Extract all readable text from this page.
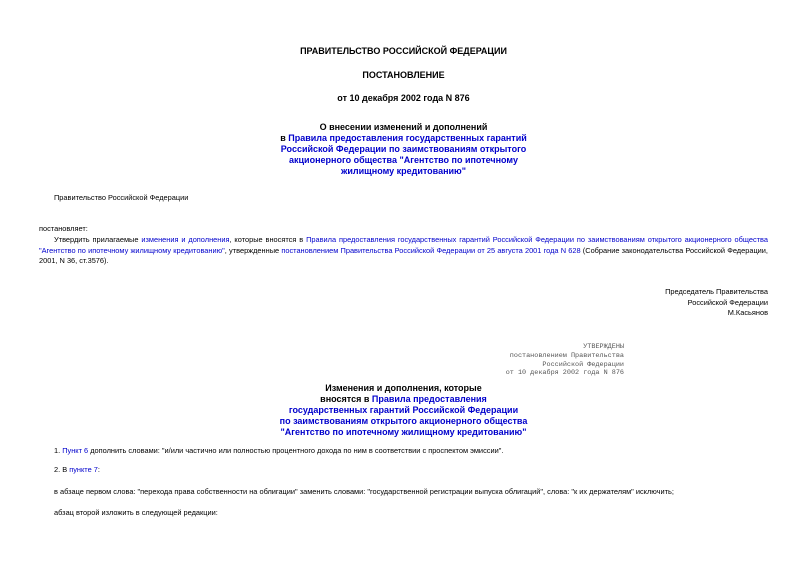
ПРАВИТЕЛЬСТВО РОССИЙСКОЙ ФЕДЕРАЦИИ
ПОСТАНОВЛЕНИЕ
от 10 декабря 2002 года N 876
О внесении изменений и дополнений
в Правила предоставления государственных гарантий
Российской Федерации по заимствованиям открытого
акционерного общества "Агентство по ипотечному
жилищному кредитованию"
Правительство Российской Федерации
постановляет:
Утвердить прилагаемые изменения и дополнения, которые вносятся в Правила предоставления государственных гарантий Российской Федерации по заимствованиям открытого акционерного общества "Агентство по ипотечному жилищному кредитованию", утвержденные постановлением Правительства Российской Федерации от 25 августа 2001 года N 628 (Собрание законодательства Российской Федерации, 2001, N 36, ст.3576).
Председатель Правительства
Российской Федерации
М.Касьянов
УТВЕРЖДЕНЫ
постановлением Правительства
Российской Федерации
от 10 декабря 2002 года N 876
Изменения и дополнения, которые
вносятся в Правила предоставления
государственных гарантий Российской Федерации
по заимствованиям открытого акционерного общества
"Агентство по ипотечному жилищному кредитованию"
1. Пункт 6 дополнить словами: "и/или частично или полностью процентного дохода по ним в соответствии с проспектом эмиссии".
2. В пункте 7:
в абзаце первом слова: "перехода права собственности на облигации" заменить словами: "государственной регистрации выпуска облигаций", слова: "к их держателям" исключить;
абзац второй изложить в следующей редакции:
